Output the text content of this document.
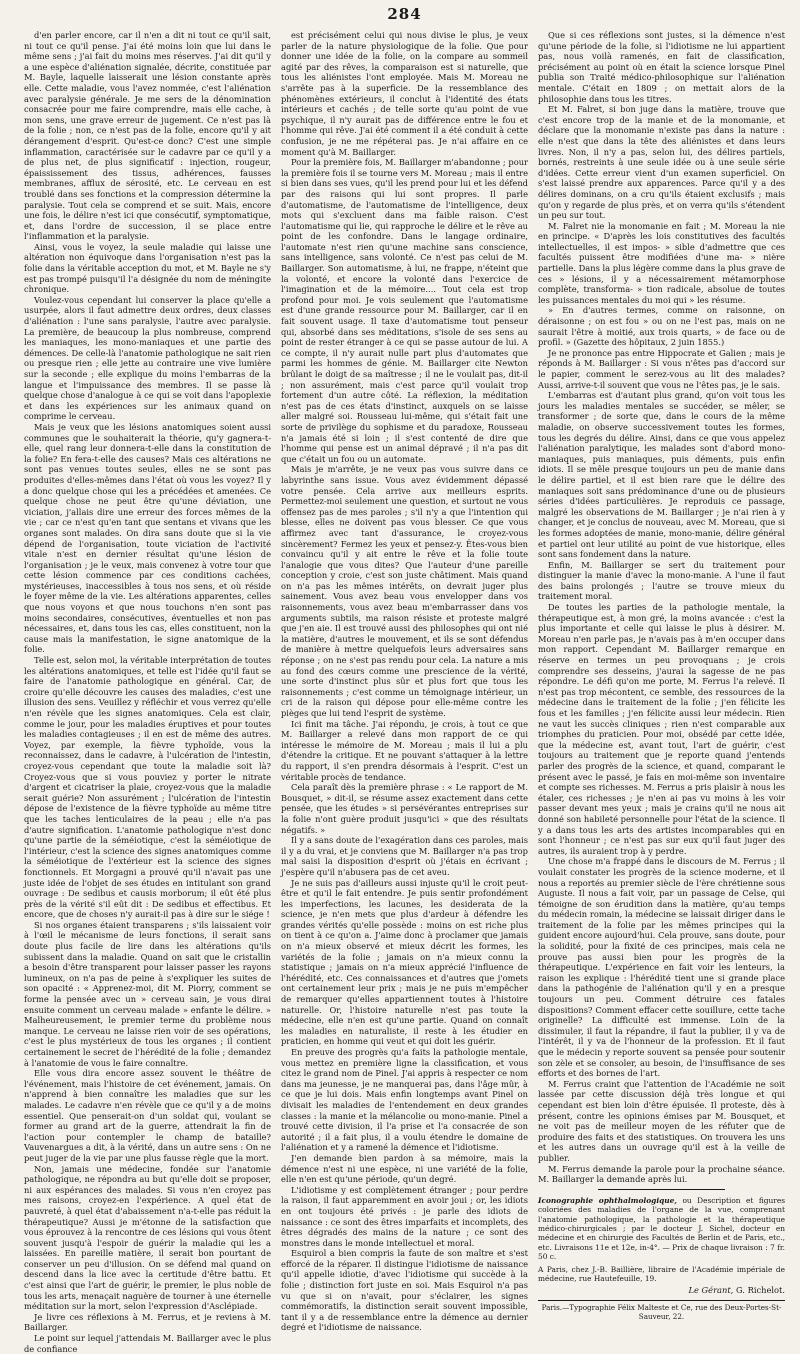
284

d'en parler encore, car il n'en a dit ni tout ce qu'il sait, ni tout ce qu'il pense. J'ai été moins loin que lui dans le même sens ; j'ai fait du moins mes réserves. J'ai dit qu'il y a une espèce d'aliénation signalée, décrite, constituée par M. Bayle, laquelle laisserait une lésion constante après elle. Cette maladie, vous l'avez nommée, c'est l'aliénation avec paralysie générale. Je me sers de la dénomination consacrée pour me faire comprendre, mais elle cache, à mon sens, une grave erreur de jugement. Ce n'est pas là de la folie ; non, ce n'est pas de la folie, encore qu'il y ait dérangement d'esprit. Qu'est-ce donc? C'est une simple inflammation, caractérisée sur le cadavre par ce qu'il y a de plus net, de plus significatif : injection, rougeur, épaississement des tissus, adhérences, fausses membranes, afflux de sérosité, etc. Le cerveau en est troublé dans ses fonctions et la compression détermine la paralysie. Tout cela se comprend et se suit. Mais, encore une fois, le délire n'est ici que consécutif, symptomatique, et, dans l'ordre de succession, il se place entre l'inflammation et la paralysie.

Ainsi, vous le voyez, la seule maladie qui laisse une altération non équivoque dans l'organisation n'est pas la folie dans la véritable acception du mot, et M. Bayle ne s'y est pas trompé puisqu'il l'a désignée du nom de méningite chronique.

Voulez-vous cependant lui conserver la place qu'elle a usurpée, alors il faut admettre deux ordres, deux classes d'aliénation : l'une sans paralysie, l'autre avec paralysie. La première, de beaucoup la plus nombreuse, comprend les maniaques, les mono-maniaques et une partie des démences. De celle-là l'anatomie pathologique ne sait rien ou presque rien ; elle jette au contraire une vive lumière sur la seconde ; elle explique du moins l'embarras de la langue et l'impuissance des membres. Il se passe là quelque chose d'analogue à ce qui se voit dans l'apoplexie et dans les expériences sur les animaux quand on comprime le cerveau.

Mais je veux que les lésions anatomiques soient aussi communes que le souhaiterait la théorie, qu'y gagnera-t-elle, quel rang leur donnera-t-elle dans la constitution de la folie? En fera-t-elle des causes? Mais ces altérations ne sont pas venues toutes seules, elles ne se sont pas produites d'elles-mêmes dans l'état où vous les voyez? Il y a donc quelque chose qui les a précédées et amenées. Ce quelque chose ne peut être qu'une déviation, une viciation, j'allais dire une erreur des forces mêmes de la vie ; car ce n'est qu'en tant que sentans et vivans que les organes sont malades. On dira sans doute que si la vie dépend de l'organisation, toute viciation de l'activité vitale n'est en dernier résultat qu'une lésion de l'organisation ; je le veux, mais convenez à votre tour que cette lésion commence par ces conditions cachées, mystérieuses, inaccessibles à tous nos sens, et où réside le foyer même de la vie. Les altérations apparentes, celles que nous voyons et que nous touchons n'en sont pas moins secondaires, consécutives, éventuelles et non pas nécessaires, et, dans tous les cas, elles constituent, non la cause mais la manifestation, le signe anatomique de la folie.

Telle est, selon moi, la véritable interprétation de toutes les altérations anatomiques, et telle est l'idée qu'il faut se faire de l'anatomie pathologique en général. Car, de croire qu'elle découvre les causes des maladies, c'est une illusion des sens. Veuillez y réfléchir et vous verrez qu'elle n'en révèle que les signes anatomiques. Cela est clair, comme le jour, pour les maladies éruptives et pour toutes les maladies contagieuses ; il en est de même des autres. Voyez, par exemple, la fièvre typhoïde, vous la reconnaissez, dans le cadavre, à l'ulcération de l'intestin, croyez-vous cependant que toute la maladie soit là? Croyez-vous que si vous pouviez y porter le nitrate d'argent et cicatriser la plaie, croyez-vous que la maladie serait guérie? Non assurément ; l'ulcération de l'intestin dépose de l'existence de la fièvre typhoïde au même titre que les taches lenticulaires de la peau ; elle n'a pas d'autre signification. L'anatomie pathologique n'est donc qu'une partie de la séméiotique, c'est la séméiotique de l'intérieur, c'est la science des signes anatomiques comme la séméiotique de l'extérieur est la science des signes fonctionnels. Et Morgagni a prouvé qu'il n'avait pas une juste idée de l'objet de ses études en intitulant son grand ouvrage : De sedibus et causis morborum; il eût été plus près de la vérité s'il eût dit : De sedibus et effectibus. Et encore, que de choses n'y aurait-il pas à dire sur le siége !

Si nos organes étaient transparens ; s'ils laissaient voir à l'œil le mécanisme de leurs fonctions, il serait sans doute plus facile de lire dans les altérations qu'ils subissent dans la maladie. Quand on sait que le cristallin a besoin d'être transparent pour laisser passer les rayons lumineux, on n'a pas de peine à s'expliquer les suites de son opacité : « Apprenez-moi, dit M. Piorry, comment se forme la pensée avec un » cerveau sain, je vous dirai ensuite comment un cerveau malade » enfante le délire. » Malheureusement, le premier terme du problème nous manque. Le cerveau ne laisse rien voir de ses opérations, c'est le plus mystérieux de tous les organes ; il contient certainement le secret de l'hérédité de la folie ; demandez à l'anatomie de vous le faire connaître.

Elle vous dira encore assez souvent le théâtre de l'événement, mais l'histoire de cet événement, jamais. On n'apprend à bien connaître les maladies que sur les malades. Le cadavre n'en révèle que ce qu'il y a de moins essentiel. Que penserait-on d'un soldat qui, voulant se former au grand art de la guerre, attendrait la fin de l'action pour contempler le champ de bataille? Vauvenargues a dit, à la vérité, dans un autre sens : On ne peut juger de la vie par une plus fausse règle que la mort.

Non, jamais une médecine, fondée sur l'anatomie pathologique, ne répondra au but qu'elle doit se proposer, ni aux espérances des malades. Si vous n'en croyez pas mes raisons, croyez-en l'expérience. A quel état de pauvreté, à quel état d'abaissement n'a-t-elle pas réduit la thérapeutique? Aussi je m'étonne de la satisfaction que vous éprouvez à la rencontre de ces lésions qui vous ôtent souvent jusqu'à l'espoir de guérir la maladie qui les a laissées. En pareille matière, il serait bon pourtant de conserver un peu d'illusion. On se défend mal quand on descend dans la lice avec la certitude d'être battu. Et c'est ainsi que l'art de guérir, le premier, le plus noble de tous les arts, menaçait naguère de tourner à une éternelle méditation sur la mort, selon l'expression d'Asclépiade.

Je livre ces réflexions à M. Ferrus, et je reviens à M. Baillarger.

Le point sur lequel j'attendais M. Baillarger avec le plus de confiance

est précisément celui qui nous divise le plus, je veux parler de la nature physiologique de la folie. Que pour donner une idée de la folie, on la compare au sommeil agité par des rêves, la comparaison est si naturelle, que tous les aliénistes l'ont employée. Mais M. Moreau ne s'arrête pas à la superficie. De la ressemblance des phénomènes extérieurs, il conclut à l'identité des états intérieurs et cachés ; de telle sorte qu'au point de vue psychique, il n'y aurait pas de différence entre le fou et l'homme qui rêve. J'ai été comment il a été conduit à cette confusion, je ne me répéterai pas. Je n'ai affaire en ce moment qu'à M. Baillarger.

Pour la première fois, M. Baillarger m'abandonne ; pour la première fois il se tourne vers M. Moreau ; mais il entre si bien dans ses vues, qu'il les prend pour lui et les défend par des raisons qui lui sont propres. Il parle d'automatisme, de l'automatisme de l'intelligence, deux mots qui s'excluent dans ma faible raison. C'est l'automatisme qui lie, qui rapproche le délire et le rêve au point de les confondre. Dans le langage ordinaire, l'automate n'est rien qu'une machine sans conscience, sans intelligence, sans volonté. Ce n'est pas celui de M. Baillarger. Son automatisme, à lui, ne frappe, n'éteint que la volonté, et encore la volonté dans l'exercice de l'imagination et de la mémoire.... Tout cela est trop profond pour moi. Je vois seulement que l'automatisme est d'une grande ressource pour M. Baillarger, car il en fait souvent usage. Il taxe d'automatisme tout penseur qui, absorbé dans ses méditations, s'isole de ses sens au point de rester étranger à ce qui se passe autour de lui. A ce compte, il n'y aurait nulle part plus d'automates que parmi les hommes de génie. M. Baillarger cite Newton brûlant le doigt de sa maîtresse ; il ne le voulait pas, dit-il ; non assurément, mais c'est parce qu'il voulait trop fortement d'un autre côté. La réflexion, la méditation n'est pas de ces états d'instinct, auxquels on se laisse aller malgré soi. Rousseau lui-même, qui s'était fait une sorte de privilège du sophisme et du paradoxe, Rousseau n'a jamais été si loin ; il s'est contenté de dire que l'homme qui pense est un animal dépravé ; il n'a pas dit que c'était un fou ou un automate.

Mais je m'arrête, je ne veux pas vous suivre dans ce labyrinthe sans issue. Vous avez évidemment dépassé votre pensée. Cela arrive aux meilleurs esprits. Permettez-moi seulement une question, et surtout ne vous offensez pas de mes paroles ; s'il n'y a que l'intention qui blesse, elles ne doivent pas vous blesser. Ce que vous affirmez avec tant d'assurance, le croyez-vous sincèrement? Fermez les yeux et pensez-y. Êtes-vous bien convaincu qu'il y ait entre le rêve et la folie toute l'analogie que vous dites? Que l'auteur d'une pareille conception y croie, c'est son juste châtiment. Mais quand on n'a pas les mêmes intérêts, on devrait juger plus sainement. Vous avez beau vous envelopper dans vos raisonnements, vous avez beau m'embarrasser dans vos arguments subtils, ma raison résiste et proteste malgré que j'en aie. Il est trouvé aussi des philosophes qui ont nié la matière, d'autres le mouvement, et ils se sont défendus de manière à mettre quelquefois leurs adversaires sans réponse ; on ne s'est pas rendu pour cela. La nature a mis au fond des cœurs comme une prescience de la vérité, une sorte d'instinct plus sûr et plus fort que tous les raisonnements ; c'est comme un témoignage intérieur, un cri de la raison qui dépose pour elle-même contre les pièges que lui tend l'esprit de système.

Ici finit ma tâche. J'ai répondu, je crois, à tout ce que M. Baillarger a relevé dans mon rapport de ce qui intéresse le mémoire de M. Moreau ; mais il lui a plu d'étendre la critique. Et ne pouvant s'attaquer à la lettre du rapport, il s'en prendra désormais à l'esprit. C'est un véritable procès de tendance.

Cela paraît dès la première phrase : « Le rapport de M. Bousquet, » dit-il, se résume assez exactement dans cette pensée, que les études » si persévérantes entreprises sur la folie n'ont guère produit jusqu'ici » que des résultats négatifs. »

Il y a sans doute de l'exagération dans ces paroles, mais il y a du vrai, et je conviens que M. Baillarger n'a pas trop mal saisi la disposition d'esprit où j'étais en écrivant ; j'espère qu'il n'abusera pas de cet aveu.

Je ne suis pas d'ailleurs aussi injuste qu'il le croit peut-être et qu'il le fait entendre. Je puis sentir profondément les imperfections, les lacunes, les desiderata de la science, je n'en mets que plus d'ardeur à défendre les grandes vérités qu'elle possède : moins on est riche plus on tient à ce qu'on a. J'aime donc à proclamer que jamais on n'a mieux observé et mieux décrit les formes, les variétés de la folie ; jamais on n'a mieux connu la statistique ; jamais on n'a mieux apprécié l'influence de l'hérédité, etc. Ces connaissances et d'autres que j'omets ont certainement leur prix ; mais je ne puis m'empêcher de remarquer qu'elles appartiennent toutes à l'histoire naturelle. Or, l'histoire naturelle n'est pas toute la médecine, elle n'en est qu'une partie. Quand on connaît les maladies en naturaliste, il reste à les étudier en praticien, en homme qui veut et qui doit les guérir.

En preuve des progrès qu'a faits la pathologie mentale, vous mettez en première ligne la classification, et vous citez le grand nom de Pinel. J'ai appris à respecter ce nom dans ma jeunesse, je ne manquerai pas, dans l'âge mûr, à ce que je lui dois. Mais enfin longtemps avant Pinel on divisait les maladies de l'entendement en deux grandes classes : la manie et la mélancolie ou mono-manie. Pinel a trouvé cette division, il l'a prise et l'a consacrée de son autorité ; il a fait plus, il a voulu étendre le domaine de l'aliénation et y a ramené la démence et l'idiotisme.

J'en demande bien pardon à sa mémoire, mais la démence n'est ni une espèce, ni une variété de la folie, elle n'en est qu'une période, qu'un degré.

L'idiotisme y est complètement étranger ; pour perdre la raison, il faut apparemment en avoir joui ; or, les idiots en ont toujours été privés : je parle des idiots de naissance : ce sont des êtres imparfaits et incomplets, des êtres dégradés des mains de la nature ; ce sont des monstres dans le monde intellectuel et moral.

Esquirol a bien compris la faute de son maître et s'est efforcé de la réparer. Il distingue l'idiotisme de naissance qu'il appelle idiotie, d'avec l'idiotisme qui succède à la folie ; distinction fort juste en soi. Mais Esquirol n'a pas vu que si on n'avait, pour s'éclairer, les signes commémoratifs, la distinction serait souvent impossible, tant il y a de ressemblance entre la démence au dernier degré et l'idiotisme de naissance.

Que si ces réflexions sont justes, si la démence n'est qu'une période de la folie, si l'idiotisme ne lui appartient pas, nous voilà ramenés, en fait de classification, précisément au point où en était la science lorsque Pinel publia son Traité médico-philosophique sur l'aliénation mentale. C'était en 1809 ; on mettait alors de la philosophie dans tous les titres.

Et M. Falret, si bon juge dans la matière, trouve que c'est encore trop de la manie et de la monomanie, et déclare que la monomanie n'existe pas dans la nature : elle n'est que dans la tête des aliénistes et dans leurs livres. Non, il n'y a pas, selon lui, des délires partiels, bornés, restreints à une seule idée ou à une seule série d'idées. Cette erreur vient d'un examen superficiel. On s'est laissé prendre aux apparences. Parce qu'il y a des délires dominans, on a cru qu'ils étaient exclusifs ; mais qu'on y regarde de plus près, et on verra qu'ils s'étendent un peu sur tout.

M. Falret nie la monomanie en fait ; M. Moreau la nie en principe. « D'après les lois constitutives des facultés intellectuelles, il est impos- » sible d'admettre que ces facultés puissent être modifiées d'une ma- » nière partielle. Dans la plus légère comme dans la plus grave de ces » lésions, il y a nécessairement métamorphose complète, transforma- » tion radicale, absolue de toutes les puissances mentales du moi qui » les résume.

» En d'autres termes, comme on raisonne, on déraisonne ; on est fou » ou on ne l'est pas, mais on ne saurait l'être à moitié, aux trois quarts, » de face ou de profil. » (Gazette des hôpitaux, 2 juin 1855.)

Je ne prononce pas entre Hippocrate et Galien ; mais je réponds à M. Baillarger : Si vous n'êtes pas d'accord sur le papier, comment le serez-vous au lit des malades? Aussi, arrive-t-il souvent que vous ne l'êtes pas, je le sais.

L'embarras est d'autant plus grand, qu'on voit tous les jours les maladies mentales se succéder, se mêler, se transformer ; de sorte que, dans le cours de la même maladie, on observe successivement toutes les formes, tous les degrés du délire. Ainsi, dans ce que vous appelez l'aliénation paralytique, les malades sont d'abord mono-maniaques, puis maniaques, puis déments, puis enfin idiots. Il se mêle presque toujours un peu de manie dans le délire partiel, et il est bien rare que le délire des maniaques soit sans prédominance d'une ou de plusieurs séries d'idées particulières. Je reproduis ce passage, malgré les observations de M. Baillarger ; je n'ai rien à y changer, et je conclus de nouveau, avec M. Moreau, que si les formes adoptées de manie, mono-manie, délire général et partiel ont leur utilité au point de vue historique, elles sont sans fondement dans la nature.

Enfin, M. Baillarger se sert du traitement pour distinguer la manie d'avec la mono-manie. A l'une il faut des bains prolongés ; l'autre se trouve mieux du traitement moral.

De toutes les parties de la pathologie mentale, la thérapeutique est, à mon gré, la moins avancée : c'est la plus importante et celle qui laisse le plus à désirer. M. Moreau n'en parle pas, je n'avais pas à m'en occuper dans mon rapport. Cependant M. Baillarger remarque en réserve en termes un peu provoquans ; je crois comprendre ses desseins, j'aurai la sagesse de ne pas répondre. Le défi qu'on me porte, M. Ferrus l'a relevé. Il n'est pas trop mécontent, ce semble, des ressources de la médecine dans le traitement de la folie ; j'en félicite les fous et les familles ; j'en félicite aussi leur médecin. Rien ne vaut les succès cliniques ; rien n'est comparable aux triomphes du praticien. Pour moi, obsédé par cette idée, que la médecine est, avant tout, l'art de guérir, c'est toujours au traitement que je reporte quand j'entends parler des progrès de la science, et quand, comparant le présent avec le passé, je fais en moi-même son inventaire et compte ses richesses. M. Ferrus a pris plaisir à nous les étaler, ces richesses ; je n'en ai pas vu moins à les voir passer devant mes yeux ; mais je crains qu'il ne nous ait donné son habileté personnelle pour l'état de la science. Il y a dans tous les arts des artistes incomparables qui en sont l'honneur ; ce n'est pas sur eux qu'il faut juger des autres, ils auraient trop à y perdre.

Une chose m'a frappé dans le discours de M. Ferrus ; il voulait constater les progrès de la science moderne, et il nous a reportés au premier siècle de l'ère chrétienne sous Auguste. Il nous a fait voir, par un passage de Celse, qui témoigne de son érudition dans la matière, qu'au temps du médecin romain, la médecine se laissait diriger dans le traitement de la folie par les mêmes principes qui la guident encore aujourd'hui. Cela prouve, sans doute, pour la solidité, pour la fixité de ces principes, mais cela ne prouve pas aussi bien pour les progrès de la thérapeutique. L'expérience en fait voir les lenteurs, la raison les explique : l'hérédité tient une si grande place dans la pathogénie de l'aliénation qu'il y en a presque toujours un peu. Comment détruire ces fatales dispositions? Comment effacer cette souillure, cette tache originelle? La difficulté est immense. Loin de la dissimuler, il faut la répandre, il faut la publier, il y va de l'intérêt, il y va de l'honneur de la profession. Et il faut que le médecin y reporte souvent sa pensée pour soutenir son zèle et se consoler, au besoin, de l'insuffisance de ses efforts et des bornes de l'art.

M. Ferrus craint que l'attention de l'Académie ne soit lassée par cette discussion déjà très longue et qui cependant est bien loin d'être épuisée. Il proteste, dès à présent, contre les opinions émises par M. Bousquet, et ne voit pas de meilleur moyen de les réfuter que de produire des faits et des statistiques. On trouvera les uns et les autres dans un ouvrage qu'il est à la veille de publier.

M. Ferrus demande la parole pour la prochaine séance. M. Baillarger la demande après lui.

Iconographie ophthalmologique, ou Description et figures coloriées des maladies de l'organe de la vue, comprenant l'anatomie pathologique, la pathologie et la thérapeutique médico-chirurgicales ; par le docteur J. Sichel, docteur en médecine et en chirurgie des Facultés de Berlin et de Paris, etc., etc. Livraisons 11e et 12e, in-4°. — Prix de chaque livraison : 7 fr. 50 c.
A Paris, chez J.-B. Baillière, libraire de l'Académie impériale de médecine, rue Hautefeuille, 19.
Le Gérant, G. Richelot.
Paris.—Typographie Félix Malteste et Ce, rue des Deux-Portes-St-Sauveur, 22.
